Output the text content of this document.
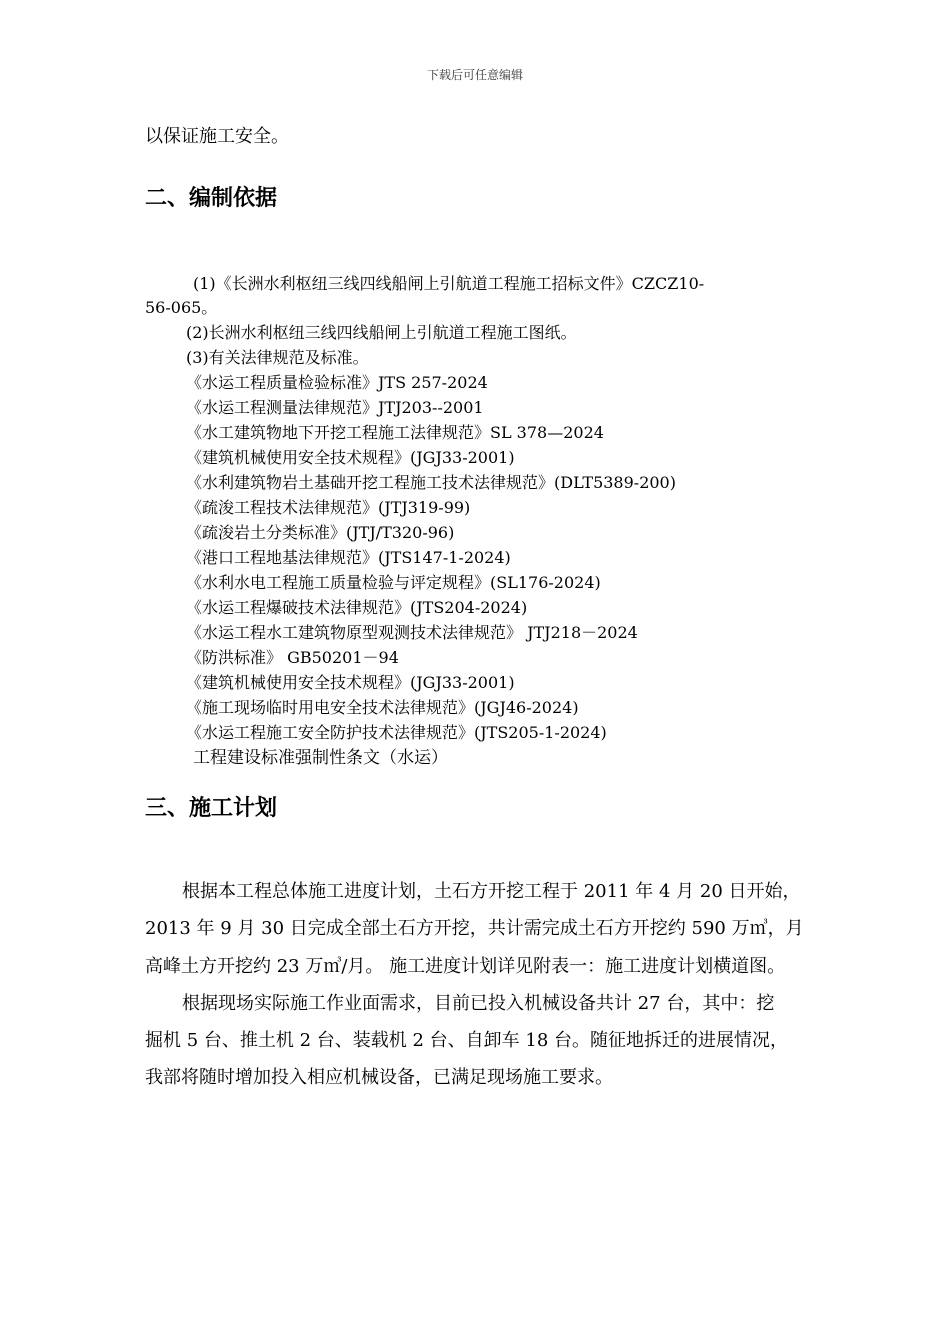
下载后可任意编辑
以保证施工安全。
二、编制依据
(1)《长洲水利枢纽三线四线船闸上引航道工程施工招标文件》CZCZ10-
56-065。
(2)长洲水利枢纽三线四线船闸上引航道工程施工图纸。
(3)有关法律规范及标准。
《水运工程质量检验标准》JTS 257-2024
《水运工程测量法律规范》JTJ203--2001
《水工建筑物地下开挖工程施工法律规范》SL 378—2024
《建筑机械使用安全技术规程》(JGJ33-2001)
《水利建筑物岩土基础开挖工程施工技术法律规范》(DLT5389-200)
《疏浚工程技术法律规范》(JTJ319-99)
《疏浚岩土分类标准》(JTJ/T320-96)
《港口工程地基法律规范》(JTS147-1-2024)
《水利水电工程施工质量检验与评定规程》(SL176-2024)
《水运工程爆破技术法律规范》(JTS204-2024)
《水运工程水工建筑物原型观测技术法律规范》 JTJ218－2024
《防洪标准》 GB50201－94
《建筑机械使用安全技术规程》(JGJ33-2001)
《施工现场临时用电安全技术法律规范》(JGJ46-2024)
《水运工程施工安全防护技术法律规范》(JTS205-1-2024)
工程建设标准强制性条文（水运）
三、施工计划
根据本工程总体施工进度计划，土石方开挖工程于 2011 年 4 月 20 日开始，
2013 年 9 月 30 日完成全部土石方开挖，共计需完成土石方开挖约 590 万㎥，月
高峰土方开挖约 23 万㎥/月。 施工进度计划详见附表一：施工进度计划横道图。
根据现场实际施工作业面需求，目前已投入机械设备共计 27 台，其中：挖
掘机 5 台、推土机 2 台、装载机 2 台、自卸车 18 台。随征地拆迁的进展情况，
我部将随时增加投入相应机械设备，已满足现场施工要求。
